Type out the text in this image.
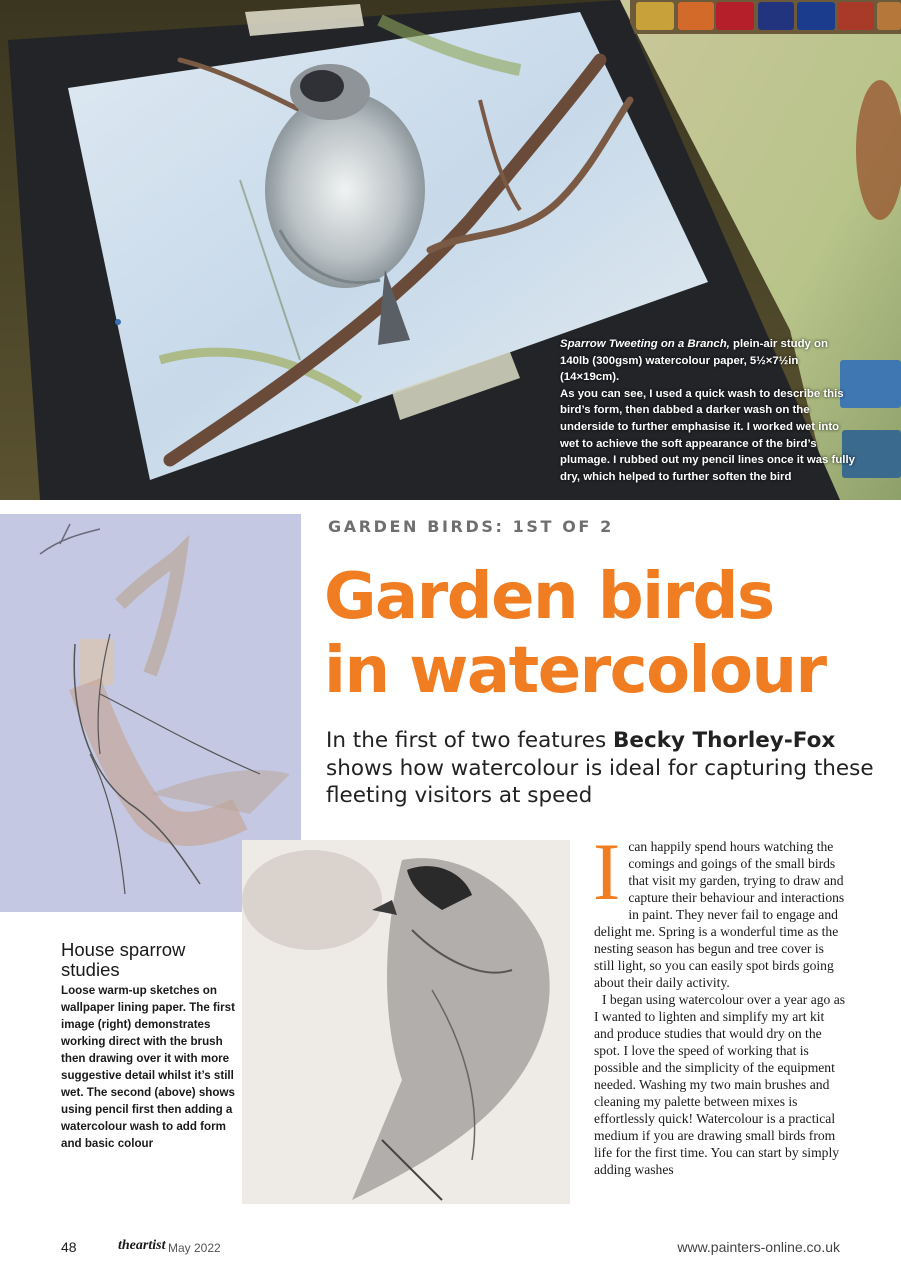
Sparrow Tweeting on a Branch, plein-air study on 140lb (300gsm) watercolour paper, 5½×7½in (14×19cm).

As you can see, I used a quick wash to describe this bird’s form, then dabbed a darker wash on the underside to further emphasise it. I worked wet into wet to achieve the soft appearance of the bird’s plumage. I rubbed out my pencil lines once it was fully dry, which helped to further soften the bird

GARDEN BIRDS: 1ST OF 2
Garden birds
in watercolour

In the first of two features Becky Thorley-Fox shows how watercolour is ideal for capturing these fleeting visitors at speed

House sparrow studies
Loose warm-up sketches on wallpaper lining paper. The first image (right) demonstrates working direct with the brush then drawing over it with more suggestive detail whilst it’s still wet. The second (above) shows using pencil first then adding a watercolour wash to add form and basic colour

Ican happily spend hours watching the comings and goings of the small birds that visit my garden, trying to draw and capture their behaviour and interactions in paint. They never fail to engage and delight me. Spring is a wonderful time as the nesting season has begun and tree cover is still light, so you can easily spot birds going about their daily activity.

I began using watercolour over a year ago as I wanted to lighten and simplify my art kit and produce studies that would dry on the spot. I love the speed of working that is possible and the simplicity of the equipment needed. Washing my two main brushes and cleaning my palette between mixes is effortlessly quick! Watercolour is a practical medium if you are drawing small birds from life for the first time. You can start by simply adding washes

48	theartist May 2022	www.painters-online.co.uk
